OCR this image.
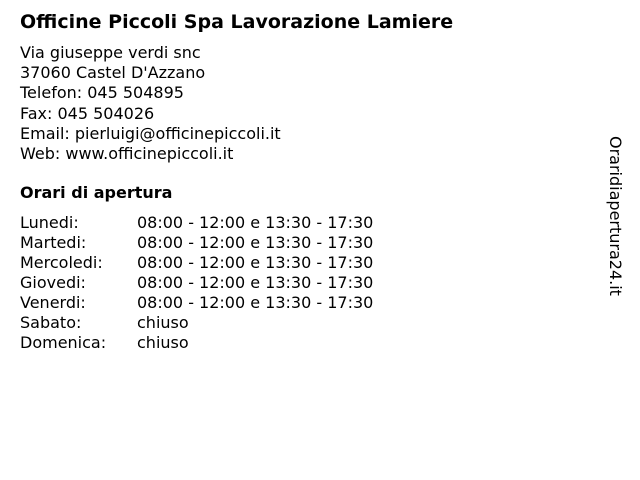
Officine Piccoli Spa Lavorazione Lamiere
Via giuseppe verdi snc
37060 Castel D'Azzano
Telefon: 045 504895
Fax: 045 504026
Email: pierluigi@officinepiccoli.it
Web: www.officinepiccoli.it
Orari di apertura
Lunedi:	08:00 - 12:00 e 13:30 - 17:30
Martedi:	08:00 - 12:00 e 13:30 - 17:30
Mercoledi:	08:00 - 12:00 e 13:30 - 17:30
Giovedi:	08:00 - 12:00 e 13:30 - 17:30
Venerdi:	08:00 - 12:00 e 13:30 - 17:30
Sabato:	chiuso
Domenica:	chiuso
Oraridiapertura24.it
